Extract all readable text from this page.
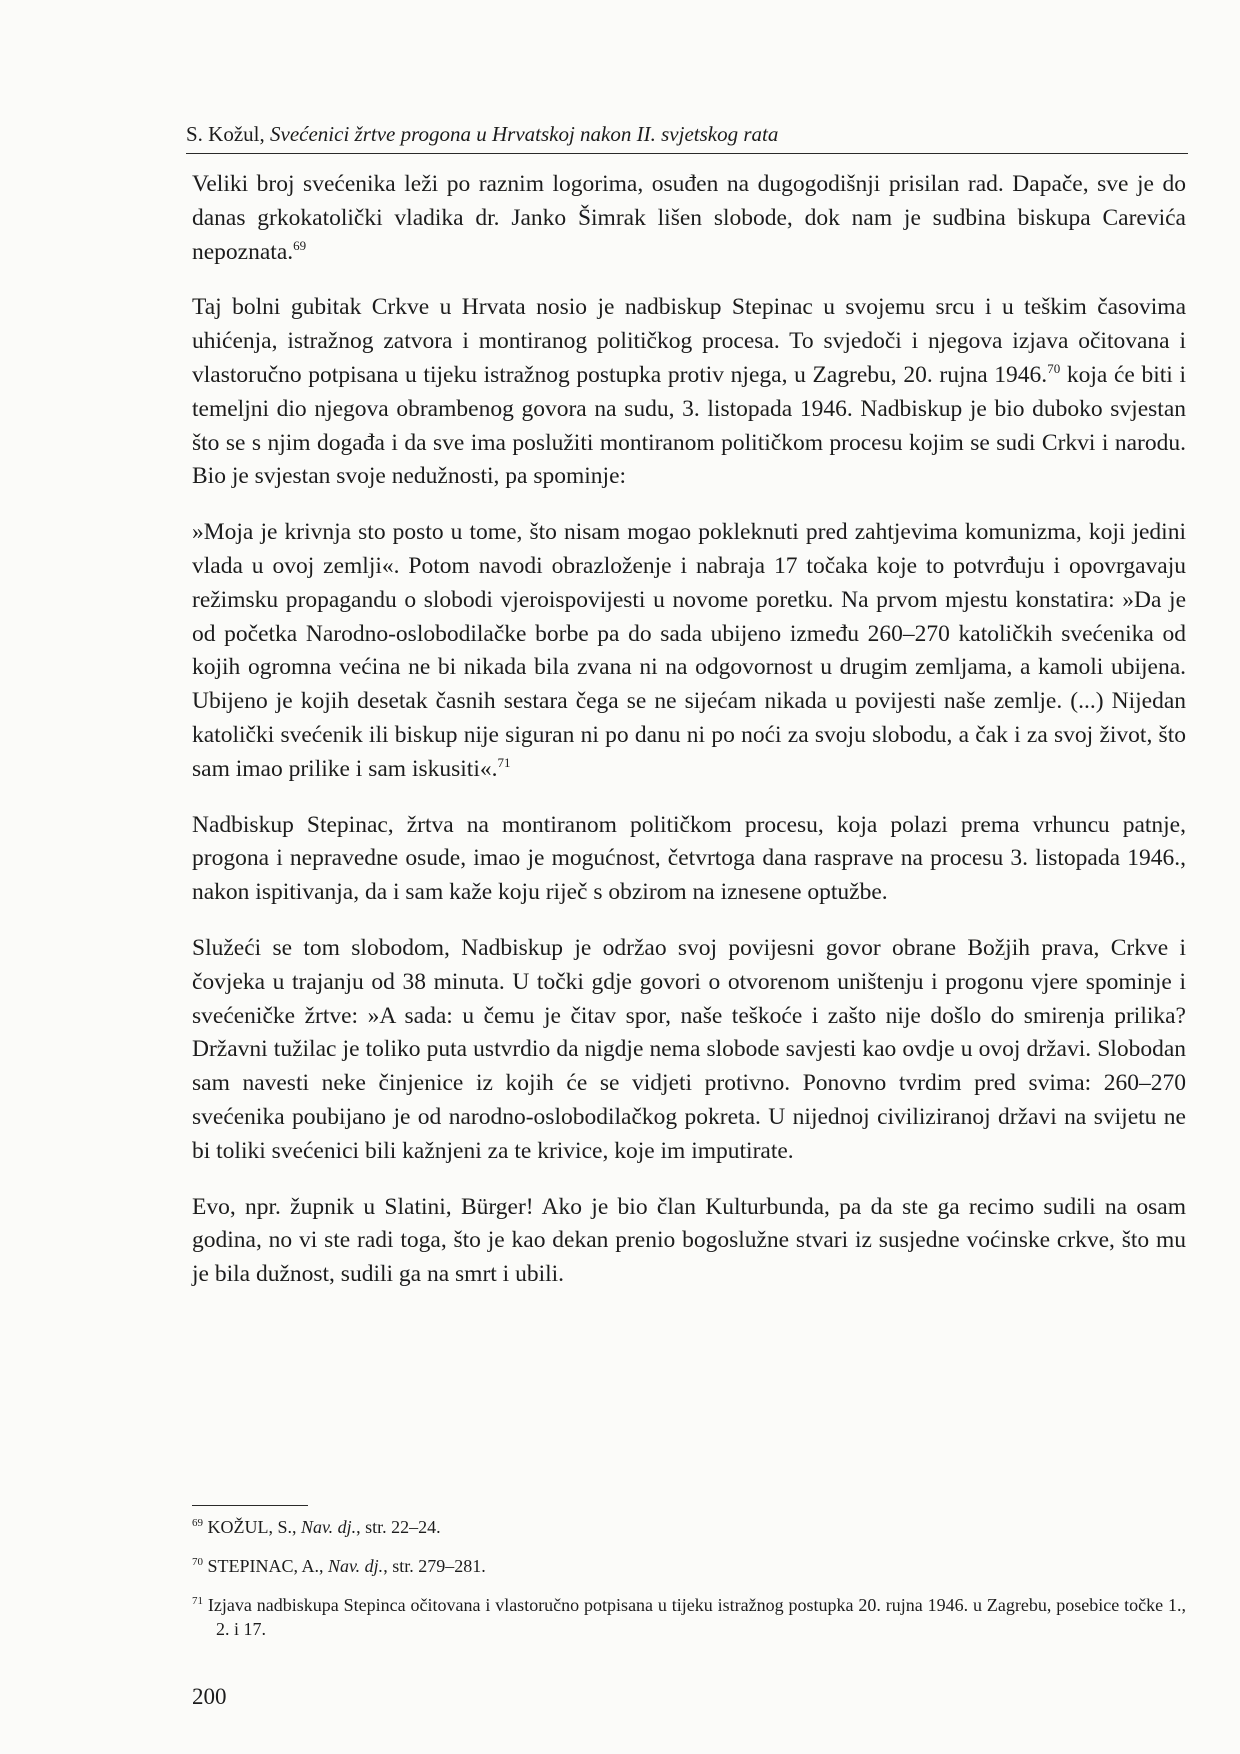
S. Kožul, Svećenici žrtve progona u Hrvatskoj nakon II. svjetskog rata

Veliki broj svećenika leži po raznim logorima, osuđen na dugogodišnji prisilan rad. Dapače, sve je do danas grkokatolički vladika dr. Janko Šimrak lišen slobode, dok nam je sudbina biskupa Carevića nepoznata.$^{69}$

Taj bolni gubitak Crkve u Hrvata nosio je nadbiskup Stepinac u svojemu srcu i u teškim časovima uhićenja, istražnog zatvora i montiranog političkog procesa. To svjedoči i njegova izjava očitovana i vlastoručno potpisana u tijeku istražnog postupka protiv njega, u Zagrebu, 20. rujna 1946.70 koja će biti i temeljni dio njegova obrambenog govora na sudu, 3. listopada 1946. Nadbiskup je bio duboko svjestan što se s njim događa i da sve ima poslužiti montiranom političkom procesu kojim se sudi Crkvi i narodu. Bio je svjestan svoje nedužnosti, pa spominje:

»Moja je krivnja sto posto u tome, što nisam mogao pokleknuti pred zahtjevima komunizma, koji jedini vlada u ovoj zemlji«. Potom navodi obrazloženje i nabraja 17 točaka koje to potvrđuju i opovrgavaju režimsku propagandu o slobodi vjeroispovijesti u novome poretku. Na prvom mjestu konstatira: »Da je od početka Narodno-oslobodilačke borbe pa do sada ubijeno između 260–270 katoličkih svećenika od kojih ogromna većina ne bi nikada bila zvana ni na odgovornost u drugim zemljama, a kamoli ubijena. Ubijeno je kojih desetak časnih sestara čega se ne sijećam nikada u povijesti naše zemlje. (...) Nijedan katolički svećenik ili biskup nije siguran ni po danu ni po noći za svoju slobodu, a čak i za svoj život, što sam imao prilike i sam iskusiti«.$^{71}$

Nadbiskup Stepinac, žrtva na montiranom političkom procesu, koja polazi prema vrhuncu patnje, progona i nepravedne osude, imao je mogućnost, četvrtoga dana rasprave na procesu 3. listopada 1946., nakon ispitivanja, da i sam kaže koju riječ s obzirom na iznesene optužbe.

Služeći se tom slobodom, Nadbiskup je održao svoj povijesni govor obrane Božjih prava, Crkve i čovjeka u trajanju od 38 minuta. U točki gdje govori o otvorenom uništenju i progonu vjere spominje i svećeničke žrtve: »A sada: u čemu je čitav spor, naše teškoće i zašto nije došlo do smirenja prilika? Državni tužilac je toliko puta ustvrdio da nigdje nema slobode savjesti kao ovdje u ovoj državi. Slobodan sam navesti neke činjenice iz kojih će se vidjeti protivno. Ponovno tvrdim pred svima: 260–270 svećenika poubijano je od narodno-oslobodilačkog pokreta. U nijednoj civiliziranoj državi na svijetu ne bi toliki svećenici bili kažnjeni za te krivice, koje im imputirate.

Evo, npr. župnik u Slatini, Bürger! Ako je bio član Kulturbunda, pa da ste ga recimo sudili na osam godina, no vi ste radi toga, što je kao dekan prenio bogoslužne stvari iz susjedne voćinske crkve, što mu je bila dužnost, sudili ga na smrt i ubili.

$^{69}$ KOŽUL, S., Nav. dj., str. 22–24.
$^{70}$ STEPINAC, A., Nav. dj., str. 279–281.
$^{71}$ Izjava nadbiskupa Stepinca očitovana i vlastoručno potpisana u tijeku istražnog postupka 20. rujna 1946. u Zagrebu, posebice točke 1., 2. i 17.
200
